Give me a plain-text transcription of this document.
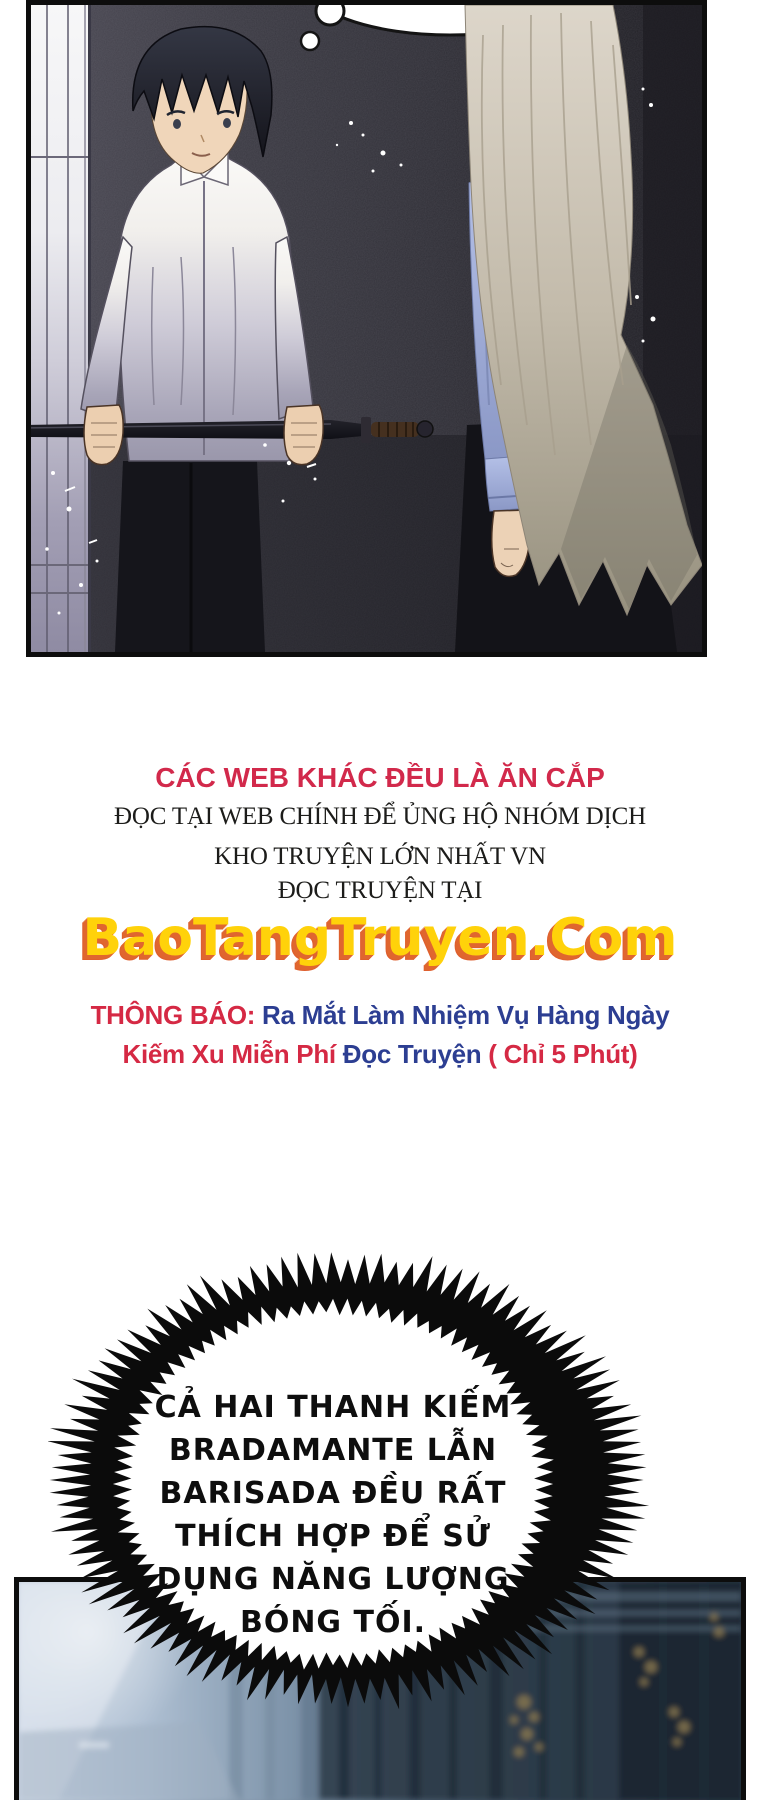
CÁC WEB KHÁC ĐỀU LÀ ĂN CẮP
ĐỌC TẠI WEB CHÍNH ĐỂ ỦNG HỘ NHÓM DỊCH
KHO TRUYỆN LỚN NHẤT VN
ĐỌC TRUYỆN TẠI
BaoTangTruyen.Com
THÔNG BÁO: Ra Mắt Làm Nhiệm Vụ Hàng Ngày
Kiếm Xu Miễn Phí Đọc Truyện ( Chỉ 5 Phút)
CẢ HAI THANH KIẾM
BRADAMANTE LẪN
BARISADA ĐỀU RẤT
THÍCH HỢP ĐỂ SỬ
DỤNG NĂNG LƯỢNG
BÓNG TỐI.
